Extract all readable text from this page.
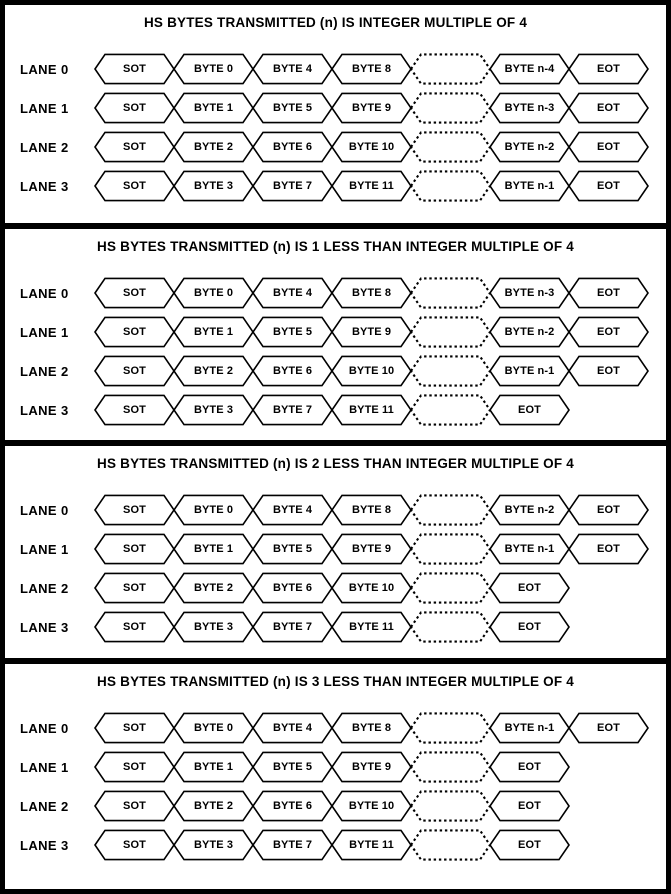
HS BYTES TRANSMITTED (n) IS INTEGER MULTIPLE OF 4
LANE 0	SOT	BYTE 0	BYTE 4	BYTE 8	BYTE n-4	EOT
LANE 1	SOT	BYTE 1	BYTE 5	BYTE 9	BYTE n-3	EOT
LANE 2	SOT	BYTE 2	BYTE 6	BYTE 10	BYTE n-2	EOT
LANE 3	SOT	BYTE 3	BYTE 7	BYTE 11	BYTE n-1	EOT
HS BYTES TRANSMITTED (n) IS 1 LESS THAN INTEGER MULTIPLE OF 4
LANE 0	SOT	BYTE 0	BYTE 4	BYTE 8	BYTE n-3	EOT
LANE 1	SOT	BYTE 1	BYTE 5	BYTE 9	BYTE n-2	EOT
LANE 2	SOT	BYTE 2	BYTE 6	BYTE 10	BYTE n-1	EOT
LANE 3	SOT	BYTE 3	BYTE 7	BYTE 11	EOT
HS BYTES TRANSMITTED (n) IS 2 LESS THAN INTEGER MULTIPLE OF 4
LANE 0	SOT	BYTE 0	BYTE 4	BYTE 8	BYTE n-2	EOT
LANE 1	SOT	BYTE 1	BYTE 5	BYTE 9	BYTE n-1	EOT
LANE 2	SOT	BYTE 2	BYTE 6	BYTE 10	EOT
LANE 3	SOT	BYTE 3	BYTE 7	BYTE 11	EOT
HS BYTES TRANSMITTED (n) IS 3 LESS THAN INTEGER MULTIPLE OF 4
LANE 0	SOT	BYTE 0	BYTE 4	BYTE 8	BYTE n-1	EOT
LANE 1	SOT	BYTE 1	BYTE 5	BYTE 9	EOT
LANE 2	SOT	BYTE 2	BYTE 6	BYTE 10	EOT
LANE 3	SOT	BYTE 3	BYTE 7	BYTE 11	EOT
